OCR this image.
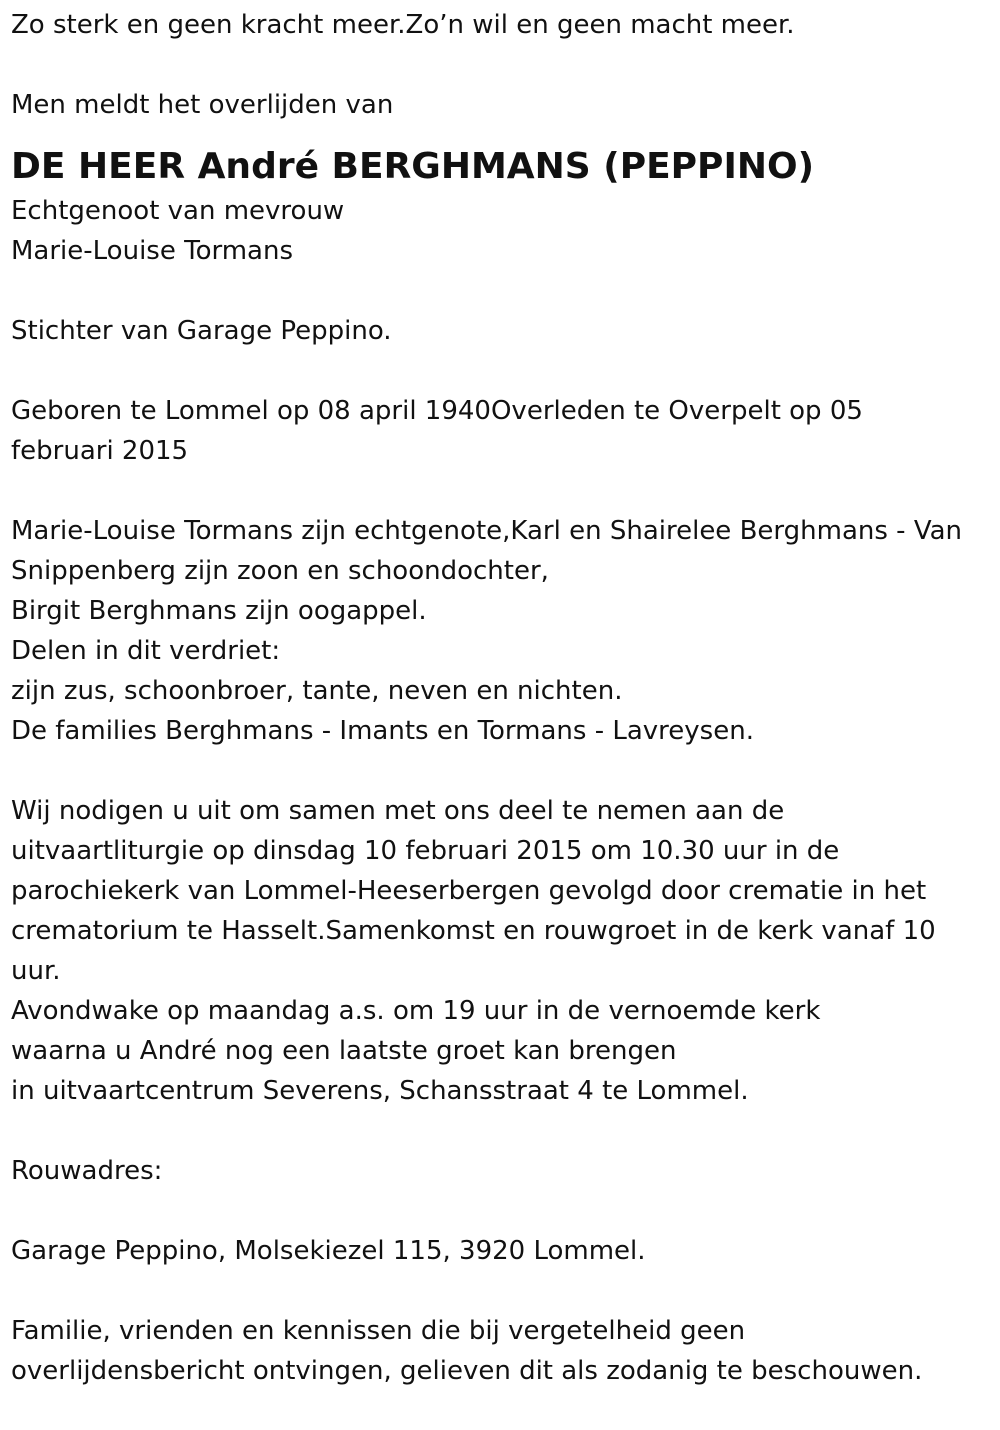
Zo sterk en geen kracht meer.Zo’n wil en geen macht meer.
Men meldt het overlijden van
DE HEER André BERGHMANS (PEPPINO)
Echtgenoot van mevrouw
Marie-Louise Tormans
Stichter van Garage Peppino.
Geboren te Lommel op 08 april 1940Overleden te Overpelt op 05
februari 2015
Marie-Louise Tormans zijn echtgenote,Karl en Shairelee Berghmans - Van
Snippenberg zijn zoon en schoondochter,
Birgit Berghmans zijn oogappel.
Delen in dit verdriet:
zijn zus, schoonbroer, tante, neven en nichten.
De families Berghmans - Imants en Tormans - Lavreysen.
Wij nodigen u uit om samen met ons deel te nemen aan de
uitvaartliturgie op dinsdag 10 februari 2015 om 10.30 uur in de
parochiekerk van Lommel-Heeserbergen gevolgd door crematie in het
crematorium te Hasselt.Samenkomst en rouwgroet in de kerk vanaf 10
uur.
Avondwake op maandag a.s. om 19 uur in de vernoemde kerk
waarna u André nog een laatste groet kan brengen
in uitvaartcentrum Severens, Schansstraat 4 te Lommel.
Rouwadres:
Garage Peppino, Molsekiezel 115, 3920 Lommel.
Familie, vrienden en kennissen die bij vergetelheid geen
overlijdensbericht ontvingen, gelieven dit als zodanig te beschouwen.
